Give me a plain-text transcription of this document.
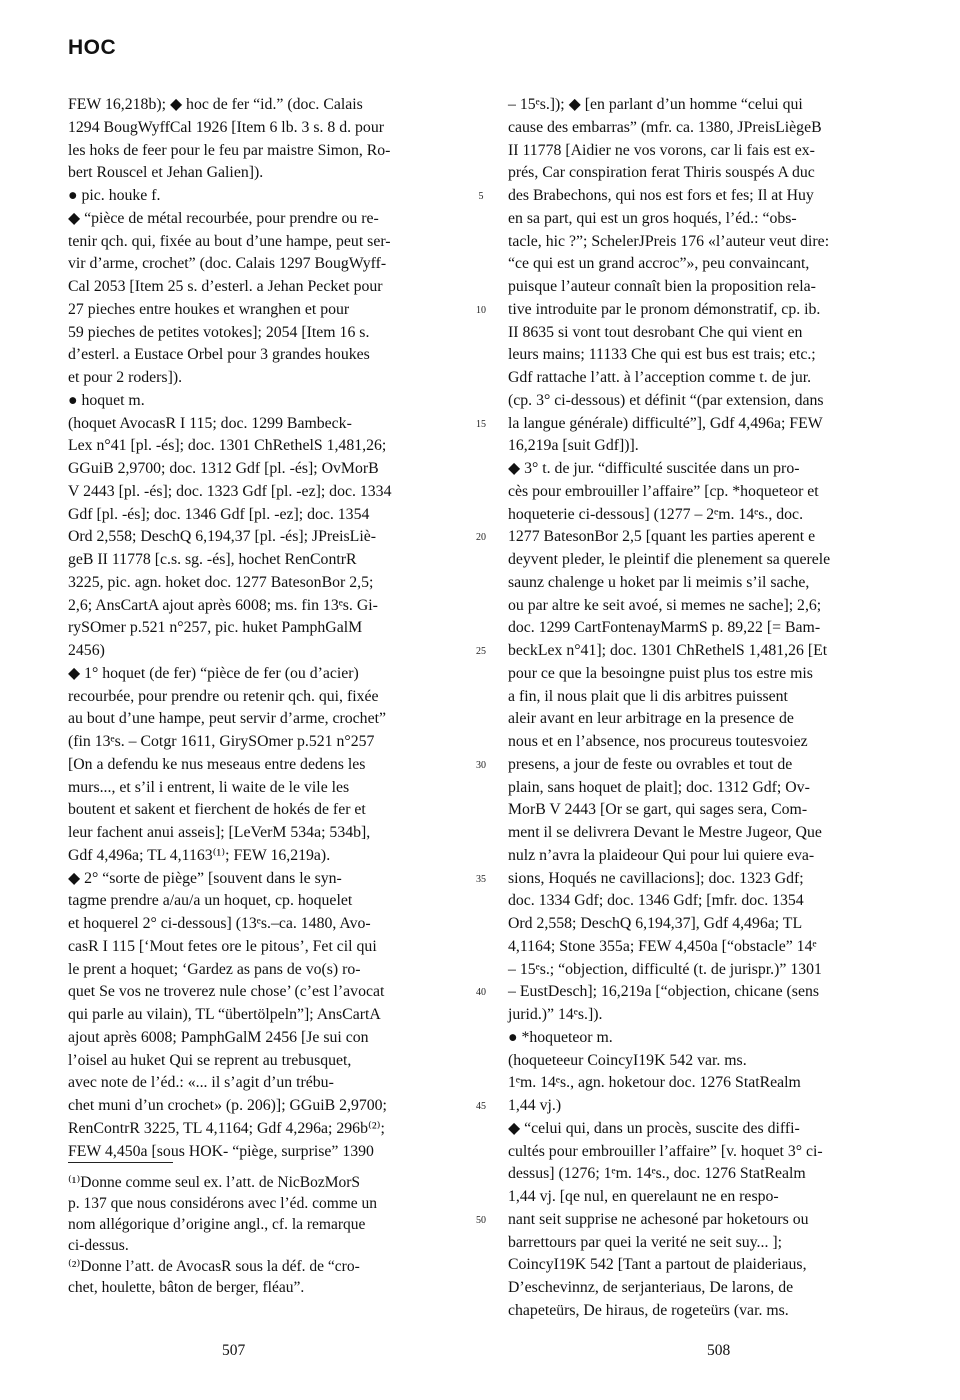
HOC
FEW 16,218b); ◆ hoc de fer “id.” (doc. Calais
1294 BougWyffCal 1926 [Item 6 lb. 3 s. 8 d. pour
les hoks de feer pour le feu par maistre Simon, Ro-
bert Rouscel et Jehan Galien]).
● pic. houke f.
◆ “pièce de métal recourbée, pour prendre ou re-
tenir qch. qui, fixée au bout d’une hampe, peut ser-
vir d’arme, crochet” (doc. Calais 1297 BougWyff-
Cal 2053 [Item 25 s. d’esterl. a Jehan Pecket pour
27 pieches entre houkes et wranghen et pour
59 pieches de petites votokes]; 2054 [Item 16 s.
d’esterl. a Eustace Orbel pour 3 grandes houkes
et pour 2 roders]).
● hoquet m.
(hoquet AvocasR I 115; doc. 1299 Bambeck-
Lex n°41 [pl. -és]; doc. 1301 ChRethelS 1,481,26;
GGuiB 2,9700; doc. 1312 Gdf [pl. -és]; OvMorB
V 2443 [pl. -és]; doc. 1323 Gdf [pl. -ez]; doc. 1334
Gdf [pl. -és]; doc. 1346 Gdf [pl. -ez]; doc. 1354
Ord 2,558; DeschQ 6,194,37 [pl. -és]; JPreisLiè-
geB II 11778 [c.s. sg. -és], hochet RenContrR
3225, pic. agn. hoket doc. 1277 BatesonBor 2,5;
2,6; AnsCartA ajout après 6008; ms. fin 13ᵉs. Gi-
rySOmer p.521 n°257, pic. huket PamphGalM
2456)
◆ 1° hoquet (de fer) “pièce de fer (ou d’acier)
recourbée, pour prendre ou retenir qch. qui, fixée
au bout d’une hampe, peut servir d’arme, crochet”
(fin 13ᵉs. – Cotgr 1611, GirySOmer p.521 n°257
[On a defendu ke nus meseaus entre dedens les
murs..., et s’il i entrent, li waite de le vile les
boutent et sakent et fierchent de hokés de fer et
leur fachent anui asseis]; [LeVerM 534a; 534b],
Gdf 4,496a; TL 4,1163⁽¹⁾; FEW 16,219a).
◆ 2° “sorte de piège” [souvent dans le syn-
tagme prendre a/au/a un hoquet, cp. hoquelet
et hoquerel 2° ci-dessous] (13ᵉs.–ca. 1480, Avo-
casR I 115 [‘Mout fetes ore le pitous’, Fet cil qui
le prent a hoquet; ‘Gardez as pans de vo(s) ro-
quet Se vos ne troverez nule chose’ (c’est l’avocat
qui parle au vilain), TL “übertölpeln”]; AnsCartA
ajout après 6008; PamphGalM 2456 [Je sui con
l’oisel au huket Qui se reprent au trebusquet,
avec note de l’éd.: «... il s’agit d’un trébu-
chet muni d’un crochet» (p. 206)]; GGuiB 2,9700;
RenContrR 3225, TL 4,1164; Gdf 4,296a; 296b⁽²⁾;
FEW 4,450a [sous HOK- “piège, surprise” 1390
– 15ᵉs.]); ◆ [en parlant d’un homme “celui qui
cause des embarras” (mfr. ca. 1380, JPreisLiègeB
II 11778 [Aidier ne vos vorons, car li fais est ex-
prés, Car conspiration ferat Thiris souspés A duc
des Brabechons, qui nos est fors et fes; Il at Huy
en sa part, qui est un gros hoqués, l’éd.: “obs-
tacle, hic ?”; SchelerJPreis 176 «l’auteur veut dire:
“ce qui est un grand accroc”», peu convaincant,
puisque l’auteur connaît bien la proposition rela-
tive introduite par le pronom démonstratif, cp. ib.
II 8635 si vont tout desrobant Che qui vient en
leurs mains; 11133 Che qui est bus est trais; etc.;
Gdf rattache l’att. à l’acception comme t. de jur.
(cp. 3° ci-dessous) et définit “(par extension, dans
la langue générale) difficulté”], Gdf 4,496a; FEW
16,219a [suit Gdf])].
◆ 3° t. de jur. “difficulté suscitée dans un pro-
cès pour embrouiller l’affaire” [cp. *hoqueteor et
hoqueterie ci-dessous] (1277 – 2ᵉm. 14ᵉs., doc.
1277 BatesonBor 2,5 [quant les parties aperent e
deyvent pleder, le pleintif die plenement sa querele
saunz chalenge u hoket par li meimis s’il sache,
ou par altre ke seit avoé, si memes ne sache]; 2,6;
doc. 1299 CartFontenayMarmS p. 89,22 [= Bam-
beckLex n°41]; doc. 1301 ChRethelS 1,481,26 [Et
pour ce que la besoingne puist plus tos estre mis
a fin, il nous plait que li dis arbitres puissent
aleir avant en leur arbitrage en la presence de
nous et en l’absence, nos procureus toutesvoiez
presens, a jour de feste ou ovrables et tout de
plain, sans hoquet de plait]; doc. 1312 Gdf; Ov-
MorB V 2443 [Or se gart, qui sages sera, Com-
ment il se delivrera Devant le Mestre Jugeor, Que
nulz n’avra la plaideour Qui pour lui quiere eva-
sions, Hoqués ne cavillacions]; doc. 1323 Gdf;
doc. 1334 Gdf; doc. 1346 Gdf; [mfr. doc. 1354
Ord 2,558; DeschQ 6,194,37], Gdf 4,496a; TL
4,1164; Stone 355a; FEW 4,450a [“obstacle” 14ᵉ
– 15ᵉs.; “objection, difficulté (t. de jurispr.)” 1301
– EustDesch]; 16,219a [“objection, chicane (sens
jurid.)” 14ᵉs.]).
● *hoqueteor m.
(hoqueteeur CoincyI19K 542 var. ms.
1ᵉm. 14ᵉs., agn. hoketour doc. 1276 StatRealm
1,44 vj.)
◆ “celui qui, dans un procès, suscite des diffi-
cultés pour embrouiller l’affaire” [v. hoquet 3° ci-
dessus] (1276; 1ᵉm. 14ᵉs., doc. 1276 StatRealm
1,44 vj. [qe nul, en querelaunt ne en respo-
nant seit supprise ne achesoné par hoketours ou
barrettours par quei la verité ne seit suy... ];
CoincyI19K 542 [Tant a partout de plaideriaus,
D’eschevinnz, de serjanteriaus, De larons, de
chapeteürs, De hiraus, de rogeteürs (var. ms.
5
10
15
20
25
30
35
40
45
50
⁽¹⁾Donne comme seul ex. l’att. de NicBozMorS
p. 137 que nous considérons avec l’éd. comme un
nom allégorique d’origine angl., cf. la remarque
ci-dessus.
⁽²⁾Donne l’att. de AvocasR sous la déf. de “cro-
chet, houlette, bâton de berger, fléau”.
507	508
